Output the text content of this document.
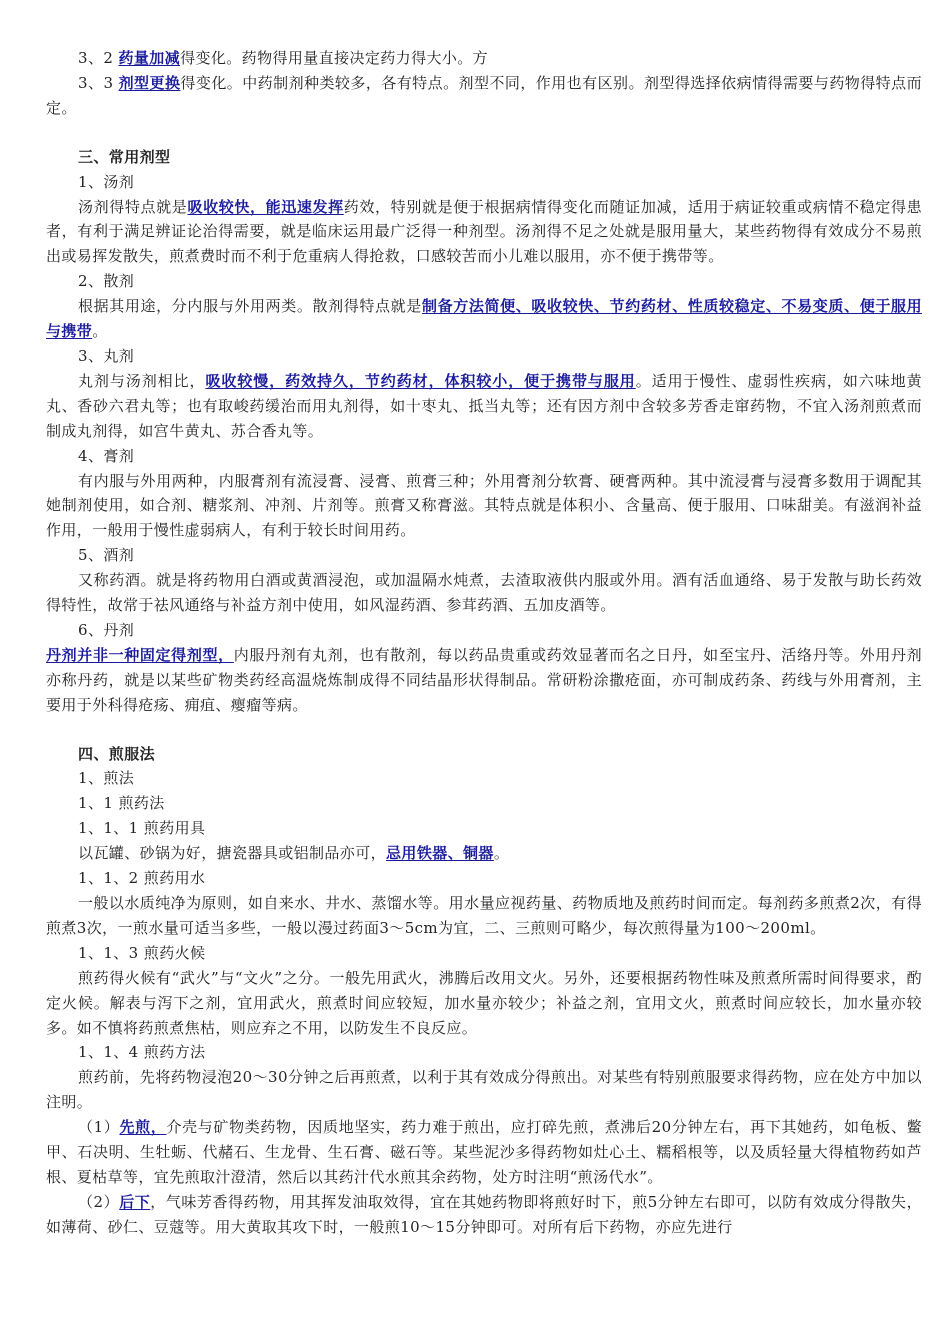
3、2 药量加减得变化。药物得用量直接决定药力得大小。方

3、3 剂型更换得变化。中药制剂种类较多，各有特点。剂型不同，作用也有区别。剂型得选择依病情得需要与药物得特点而定。

三、常用剂型

1、汤剂

汤剂得特点就是吸收较快，能迅速发挥药效，特别就是便于根据病情得变化而随证加减，适用于病证较重或病情不稳定得患者，有利于满足辨证论治得需要，就是临床运用最广泛得一种剂型。汤剂得不足之处就是服用量大，某些药物得有效成分不易煎出或易挥发散失，煎煮费时而不利于危重病人得抢救，口感较苦而小儿难以服用，亦不便于携带等。

2、散剂

根据其用途，分内服与外用两类。散剂得特点就是制备方法简便、吸收较快、节约药材、性质较稳定、不易变质、便于服用与携带。

3、丸剂

丸剂与汤剂相比，吸收较慢，药效持久，节约药材，体积较小，便于携带与服用。适用于慢性、虚弱性疾病，如六味地黄丸、香砂六君丸等；也有取峻药缓治而用丸剂得，如十枣丸、抵当丸等；还有因方剂中含较多芳香走窜药物，不宜入汤剂煎煮而制成丸剂得，如宫牛黄丸、苏合香丸等。

4、膏剂

有内服与外用两种，内服膏剂有流浸膏、浸膏、煎膏三种；外用膏剂分软膏、硬膏两种。其中流浸膏与浸膏多数用于调配其她制剂使用，如合剂、糖浆剂、冲剂、片剂等。煎膏又称膏滋。其特点就是体积小、含量高、便于服用、口味甜美。有滋润补益作用，一般用于慢性虚弱病人，有利于较长时间用药。

5、酒剂

又称药酒。就是将药物用白酒或黄酒浸泡，或加温隔水炖煮，去渣取液供内服或外用。酒有活血通络、易于发散与助长药效得特性，故常于祛风通络与补益方剂中使用，如风湿药酒、参茸药酒、五加皮酒等。

6、丹剂

丹剂并非一种固定得剂型，内服丹剂有丸剂，也有散剂，每以药品贵重或药效显著而名之日丹，如至宝丹、活络丹等。外用丹剂亦称丹药，就是以某些矿物类药经高温烧炼制成得不同结晶形状得制品。常研粉涂撒疮面，亦可制成药条、药线与外用膏剂，主要用于外科得疮疡、痈疽、瘿瘤等病。

四、煎服法

1、煎法

1、1 煎药法

1、1、1 煎药用具

以瓦罐、砂锅为好，搪瓷器具或铝制品亦可，忌用铁器、铜器。

1、1、2 煎药用水

一般以水质纯净为原则，如自来水、井水、蒸馏水等。用水量应视药量、药物质地及煎药时间而定。每剂药多煎煮2次，有得煎煮3次，一煎水量可适当多些，一般以漫过药面3～5cm为宜，二、三煎则可略少，每次煎得量为100～200ml。

1、1、3 煎药火候

煎药得火候有“武火”与“文火”之分。一般先用武火，沸腾后改用文火。另外，还要根据药物性味及煎煮所需时间得要求，酌定火候。解表与泻下之剂，宜用武火，煎煮时间应较短，加水量亦较少；补益之剂，宜用文火，煎煮时间应较长，加水量亦较多。如不慎将药煎煮焦枯，则应弃之不用，以防发生不良反应。

1、1、4 煎药方法

煎药前，先将药物浸泡20～30分钟之后再煎煮，以利于其有效成分得煎出。对某些有特别煎服要求得药物，应在处方中加以注明。

（1）先煎，介壳与矿物类药物，因质地坚实，药力难于煎出，应打碎先煎，煮沸后20分钟左右，再下其她药，如龟板、鳖甲、石决明、生牡蛎、代赭石、生龙骨、生石膏、磁石等。某些泥沙多得药物如灶心土、糯稻根等，以及质轻量大得植物药如芦根、夏枯草等，宜先煎取汁澄清，然后以其药汁代水煎其余药物，处方时注明“煎汤代水”。

（2）后下，气味芳香得药物，用其挥发油取效得，宜在其她药物即将煎好时下，煎5分钟左右即可，以防有效成分得散失，如薄荷、砂仁、豆蔻等。用大黄取其攻下时，一般煎10～15分钟即可。对所有后下药物，亦应先进行
